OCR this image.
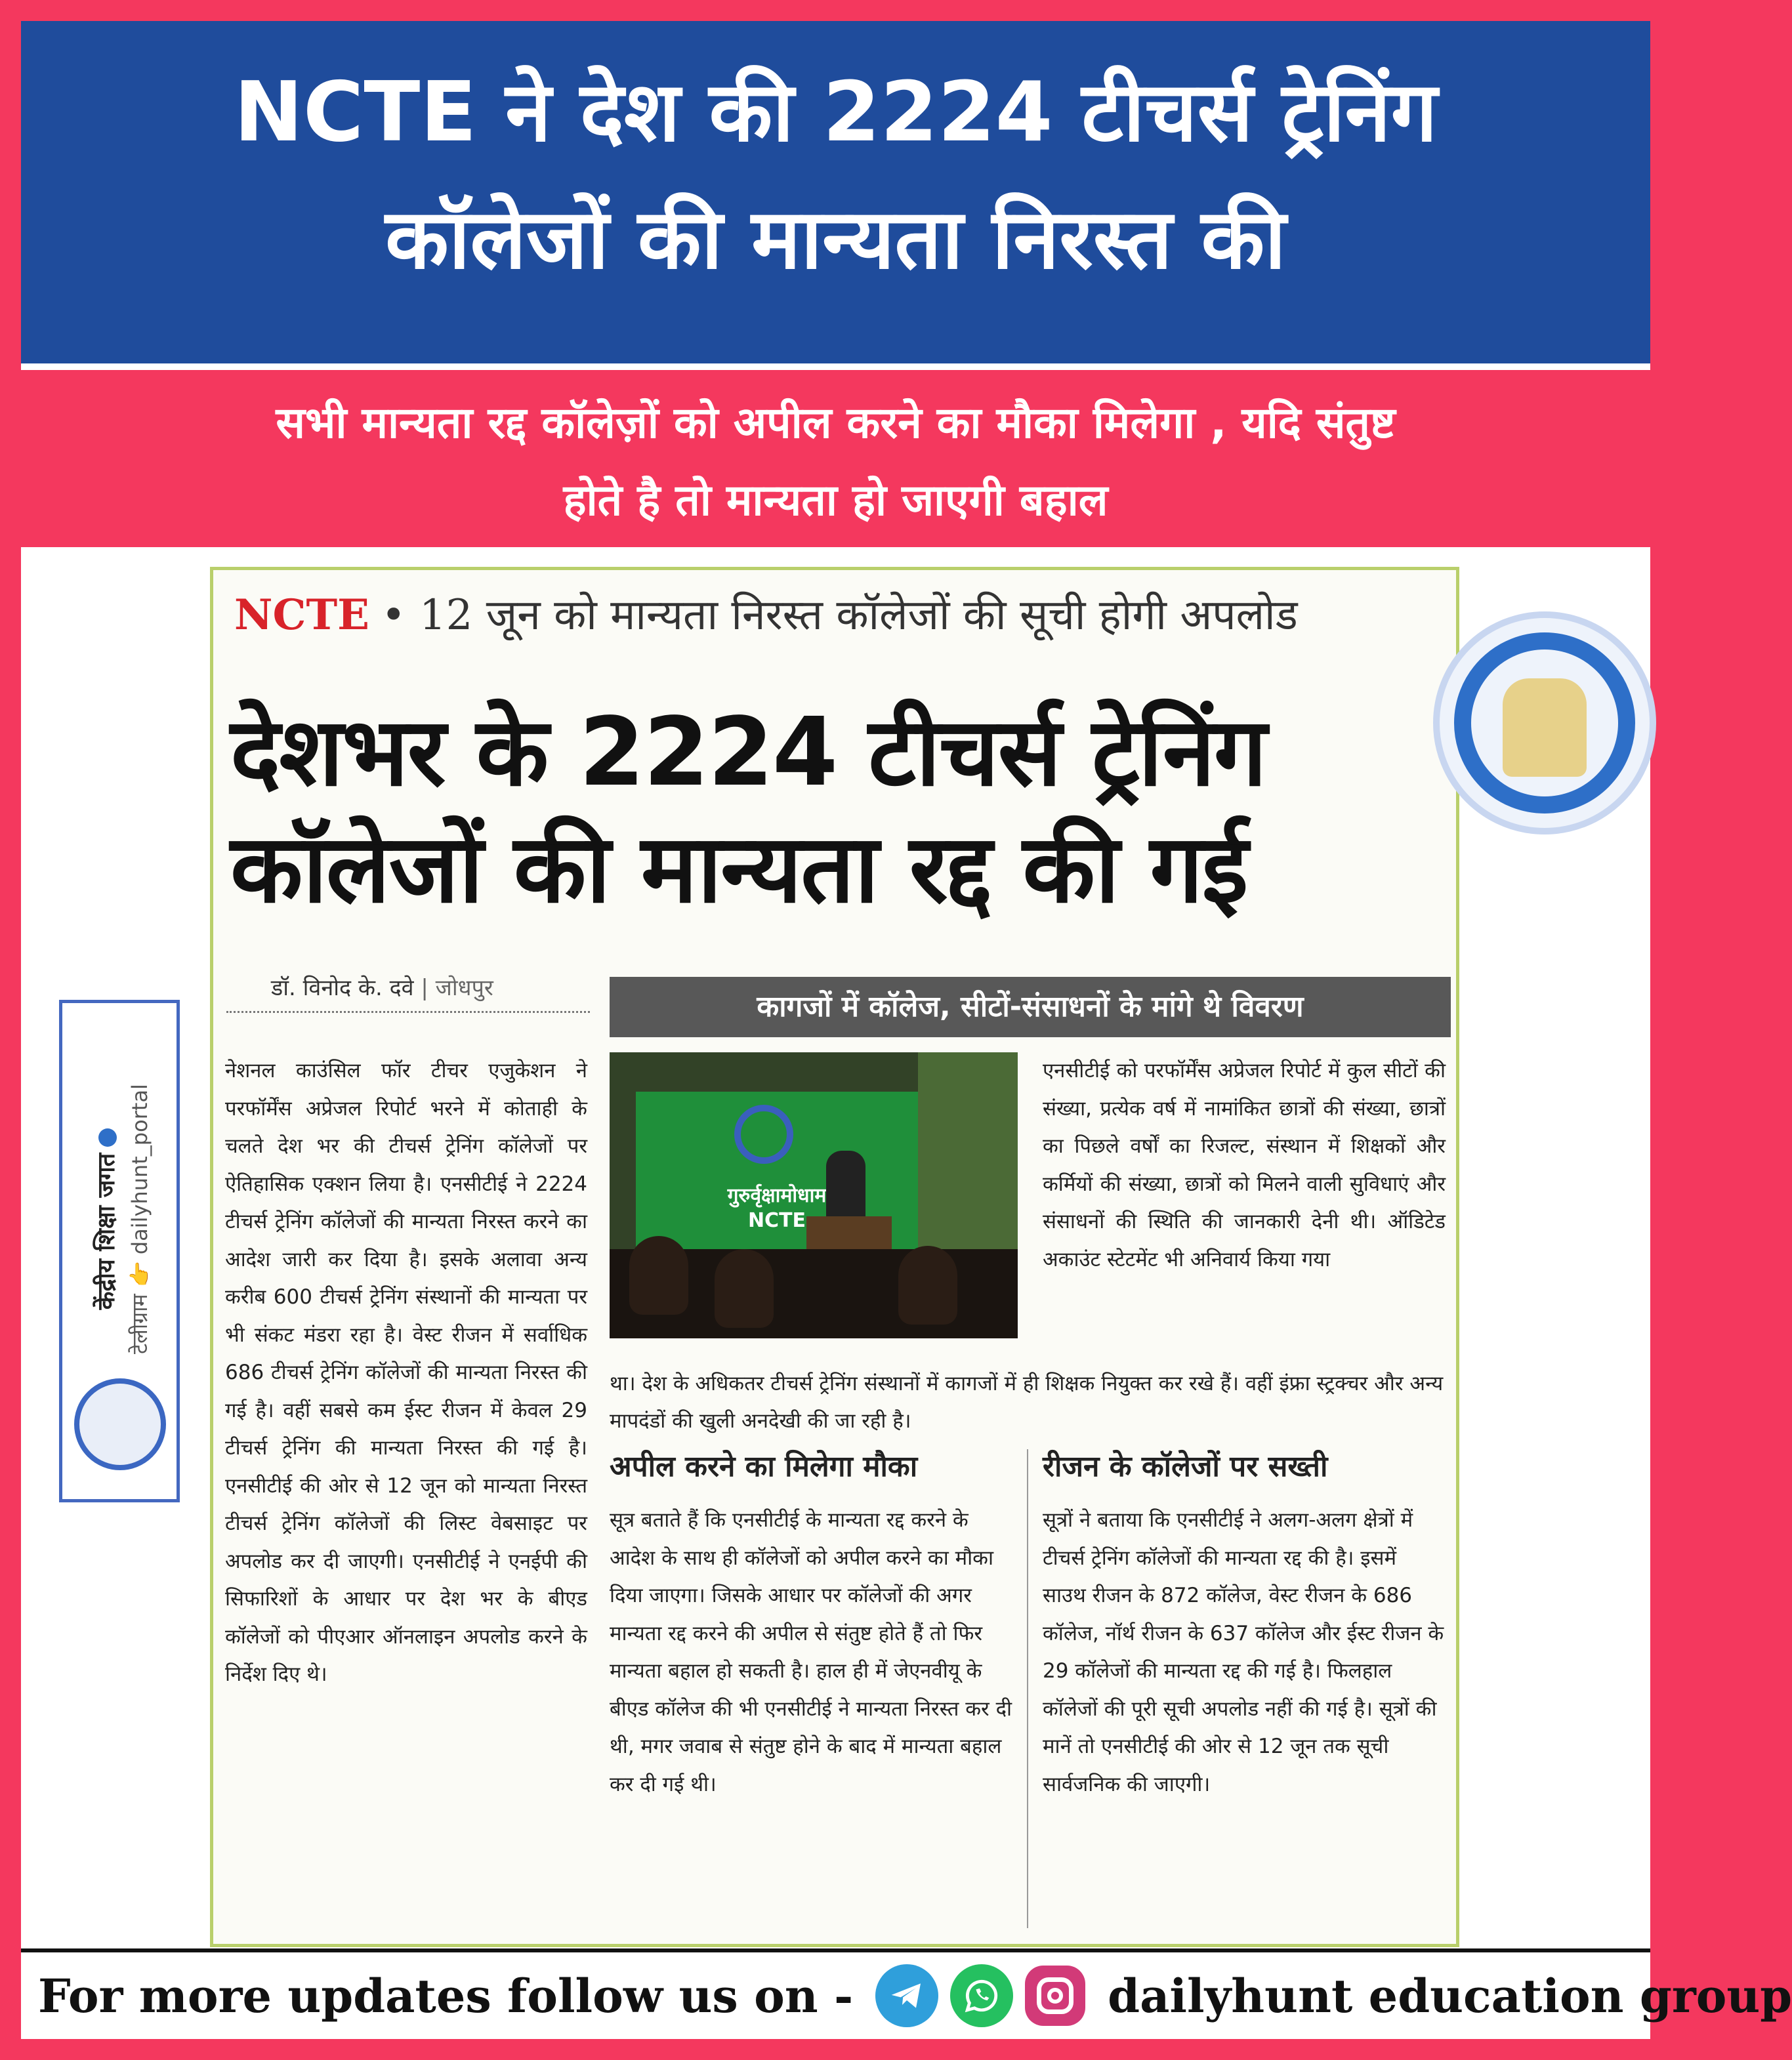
NCTE ने देश की 2224 टीचर्स ट्रेनिंग
कॉलेजों की मान्यता निरस्त की
सभी मान्यता रद्द कॉलेज़ों को अपील करने का मौका मिलेगा , यदि संतुष्ट
होते है तो मान्यता हो जाएगी बहाल
NCTE • 12 जून को मान्यता निरस्त कॉलेजों की सूची होगी अपलोड
देशभर के 2224 टीचर्स ट्रेनिंग
कॉलेजों की मान्यता रद्द की गई
डॉ. विनोद के. दवे | जोधपुर
कागजों में कॉलेज, सीटों-संसाधनों के मांगे थे विवरण

नेशनल काउंसिल फॉर टीचर एजुकेशन ने परफॉर्मेंस अप्रेजल रिपोर्ट भरने में कोताही के चलते देश भर की टीचर्स ट्रेनिंग कॉलेजों पर ऐतिहासिक एक्शन लिया है। एनसीटीई ने 2224 टीचर्स ट्रेनिंग कॉलेजों की मान्यता निरस्त करने का आदेश जारी कर दिया है। इसके अलावा अन्य करीब 600 टीचर्स ट्रेनिंग संस्थानों की मान्यता पर भी संकट मंडरा रहा है। वेस्ट रीजन में सर्वाधिक 686 टीचर्स ट्रेनिंग कॉलेजों की मान्यता निरस्त की गई है। वहीं सबसे कम ईस्ट रीजन में केवल 29 टीचर्स ट्रेनिंग की मान्यता निरस्त की गई है। एनसीटीई की ओर से 12 जून को मान्यता निरस्त टीचर्स ट्रेनिंग कॉलेजों की लिस्ट वेबसाइट पर अपलोड कर दी जाएगी। एनसीटीई ने एनईपी की सिफारिशों के आधार पर देश भर के बीएड कॉलेजों को पीएआर ऑनलाइन अपलोड करने के निर्देश दिए थे।

गुरुर्वृक्षामोधाम
NCTE

एनसीटीई को परफॉर्मेंस अप्रेजल रिपोर्ट में कुल सीटों की संख्या, प्रत्येक वर्ष में नामांकित छात्रों की संख्या, छात्रों का पिछले वर्षों का रिजल्ट, संस्थान में शिक्षकों और कर्मियों की संख्या, छात्रों को मिलने वाली सुविधाएं और संसाधनों की स्थिति की जानकारी देनी थी। ऑडिटेड अकाउंट स्टेटमेंट भी अनिवार्य किया गया

था। देश के अधिकतर टीचर्स ट्रेनिंग संस्थानों में कागजों में ही शिक्षक नियुक्त कर रखे हैं। वहीं इंफ्रा स्ट्रक्चर और अन्य मापदंडों की खुली अनदेखी की जा रही है।

अपील करने का मिलेगा मौका	रीजन के कॉलेजों पर सख्ती

सूत्र बताते हैं कि एनसीटीई के मान्यता रद्द करने के आदेश के साथ ही कॉलेजों को अपील करने का मौका दिया जाएगा। जिसके आधार पर कॉलेजों की अगर मान्यता रद्द करने की अपील से संतुष्ट होते हैं तो फिर मान्यता बहाल हो सकती है। हाल ही में जेएनवीयू के बीएड कॉलेज की भी एनसीटीई ने मान्यता निरस्त कर दी थी, मगर जवाब से संतुष्ट होने के बाद में मान्यता बहाल कर दी गई थी।

सूत्रों ने बताया कि एनसीटीई ने अलग-अलग क्षेत्रों में टीचर्स ट्रेनिंग कॉलेजों की मान्यता रद्द की है। इसमें साउथ रीजन के 872 कॉलेज, वेस्ट रीजन के 686 कॉलेज, नॉर्थ रीजन के 637 कॉलेज और ईस्ट रीजन के 29 कॉलेजों की मान्यता रद्द की गई है। फिलहाल कॉलेजों की पूरी सूची अपलोड नहीं की गई है। सूत्रों की मानें तो एनसीटीई की ओर से 12 जून तक सूची सार्वजनिक की जाएगी।

केंद्रीय शिक्षा जगत टेलीग्राम 👉 dailyhunt_portal
For more updates follow us on -	dailyhunt education group
